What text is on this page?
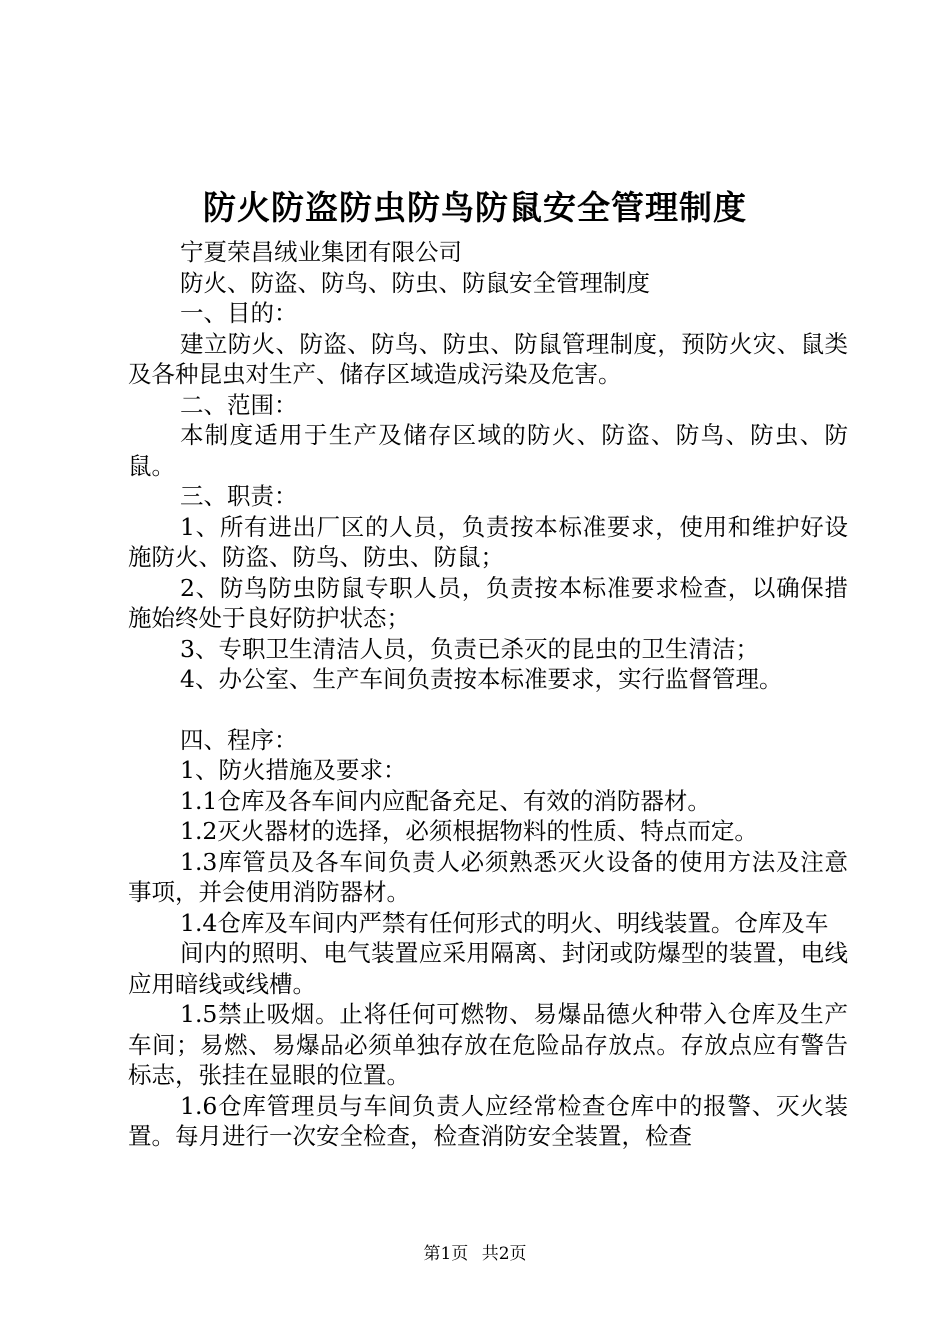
防火防盗防虫防鸟防鼠安全管理制度

宁夏荣昌绒业集团有限公司

防火、防盗、防鸟、防虫、防鼠安全管理制度

一、目的：

建立防火、防盗、防鸟、防虫、防鼠管理制度，预防火灾、鼠类及各种昆虫对生产、储存区域造成污染及危害。

二、范围：

本制度适用于生产及储存区域的防火、防盗、防鸟、防虫、防鼠。

三、职责：

1、所有进出厂区的人员，负责按本标准要求，使用和维护好设施防火、防盗、防鸟、防虫、防鼠；

2、防鸟防虫防鼠专职人员，负责按本标准要求检查，以确保措施始终处于良好防护状态；

3、专职卫生清洁人员，负责已杀灭的昆虫的卫生清洁；

4、办公室、生产车间负责按本标准要求，实行监督管理。

四、程序：

1、防火措施及要求：

1.1仓库及各车间内应配备充足、有效的消防器材。

1.2灭火器材的选择，必须根据物料的性质、特点而定。

1.3库管员及各车间负责人必须熟悉灭火设备的使用方法及注意事项，并会使用消防器材。

1.4仓库及车间内严禁有任何形式的明火、明线装置。仓库及车

间内的照明、电气装置应采用隔离、封闭或防爆型的装置，电线应用暗线或线槽。

1.5禁止吸烟。止将任何可燃物、易爆品德火种带入仓库及生产车间；易燃、易爆品必须单独存放在危险品存放点。存放点应有警告标志，张挂在显眼的位置。

1.6仓库管理员与车间负责人应经常检查仓库中的报警、灭火装置。每月进行一次安全检查，检查消防安全装置，检查

第1页 共2页
